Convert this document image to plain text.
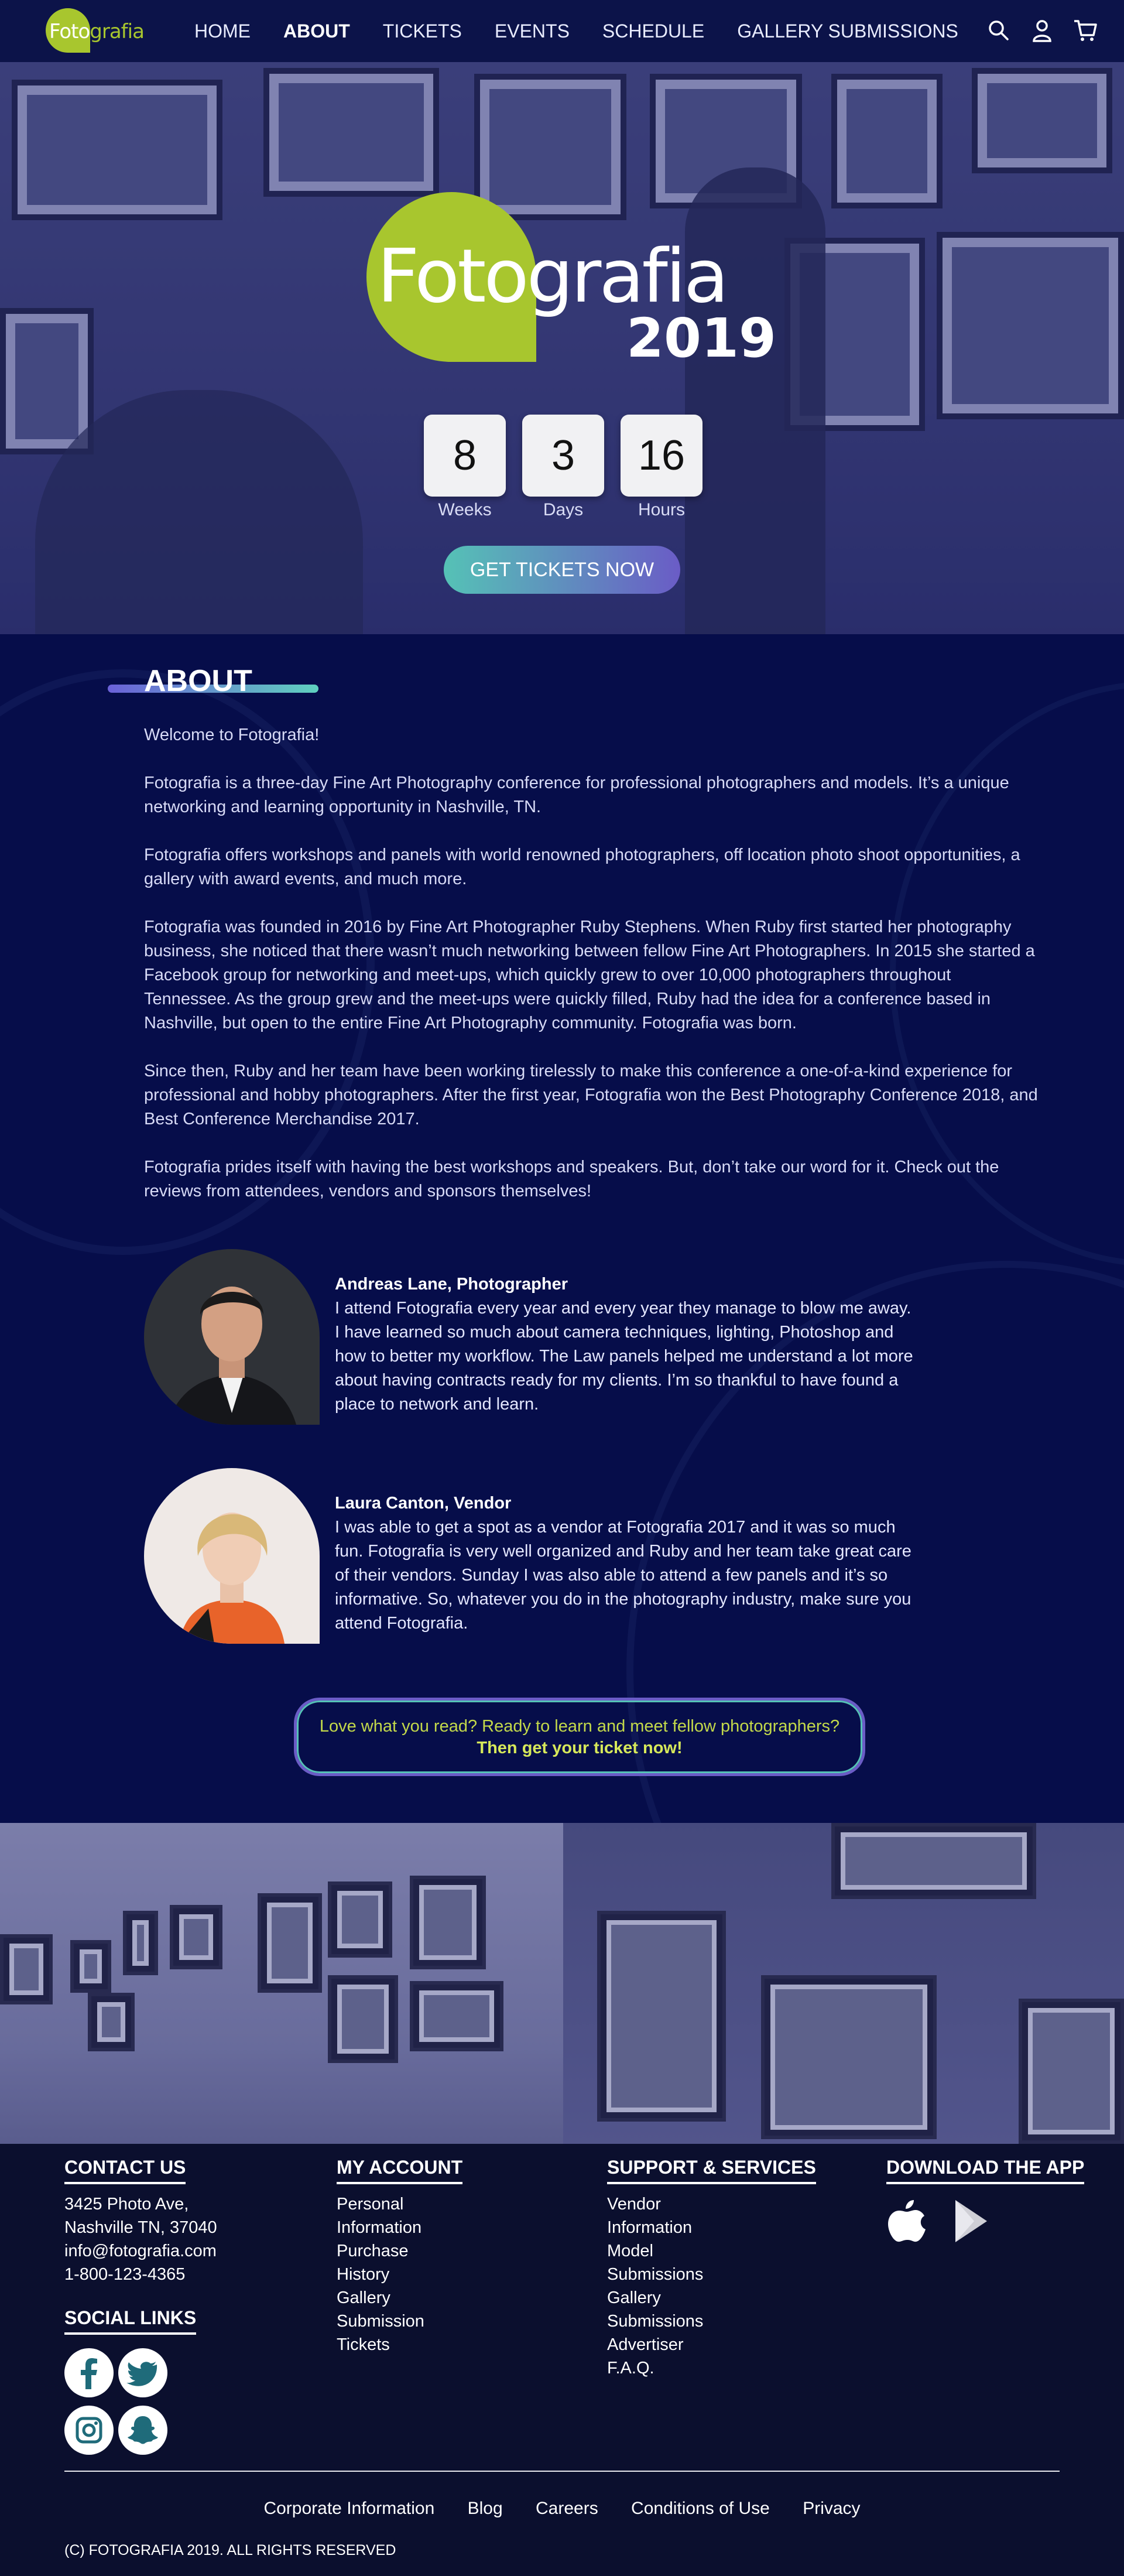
Fotografia	HOME ABOUT TICKETS EVENTS SCHEDULE GALLERY SUBMISSIONS
Fotografia
2019
8
Weeks
3
Days
16
Hours
GET TICKETS NOW
ABOUT

Welcome to Fotografia!

Fotografia is a three-day Fine Art Photography conference for professional photographers and models. It’s a unique networking and learning opportunity in Nashville, TN.

Fotografia offers workshops and panels with world renowned photographers, off location photo shoot opportunities, a gallery with award events, and much more.

Fotografia was founded in 2016 by Fine Art Photographer Ruby Stephens. When Ruby first started her photography business, she noticed that there wasn’t much networking between fellow Fine Art Photographers. In 2015 she started a Facebook group for networking and meet-ups, which quickly grew to over 10,000 photographers throughout Tennessee. As the group grew and the meet-ups were quickly filled, Ruby had the idea for a conference based in Nashville, but open to the entire Fine Art Photography community. Fotografia was born.

Since then, Ruby and her team have been working tirelessly to make this conference a one-of-a-kind experience for professional and hobby photographers. After the first year, Fotografia won the Best Photography Conference 2018, and Best Conference Merchandise 2017.

Fotografia prides itself with having the best workshops and speakers. But, don’t take our word for it. Check out the reviews from attendees, vendors and sponsors themselves!

Andreas Lane, Photographer
I attend Fotografia every year and every year they manage to blow me away. I have learned so much about camera techniques, lighting, Photoshop and how to better my workflow. The Law panels helped me understand a lot more about having contracts ready for my clients. I’m so thankful to have found a place to network and learn.
Laura Canton, Vendor
I was able to get a spot as a vendor at Fotografia 2017 and it was so much fun. Fotografia is very well organized and Ruby and her team take great care of their vendors. Sunday I was also able to attend a few panels and it’s so informative. So, whatever you do in the photography industry, make sure you attend Fotografia.
Love what you read? Ready to learn and meet fellow photographers?
Then get your ticket now!
CONTACT US
3425 Photo Ave,
Nashville TN, 37040
info@fotografia.com
1-800-123-4365
SOCIAL LINKS
MY ACCOUNT
Personal
Information
Purchase
History
Gallery
Submission
Tickets
SUPPORT & SERVICES
Vendor
Information
Model
Submissions
Gallery
Submissions
Advertiser
F.A.Q.
DOWNLOAD THE APP
Corporate Information Blog Careers Conditions of Use Privacy
(C) FOTOGRAFIA 2019. ALL RIGHTS RESERVED
